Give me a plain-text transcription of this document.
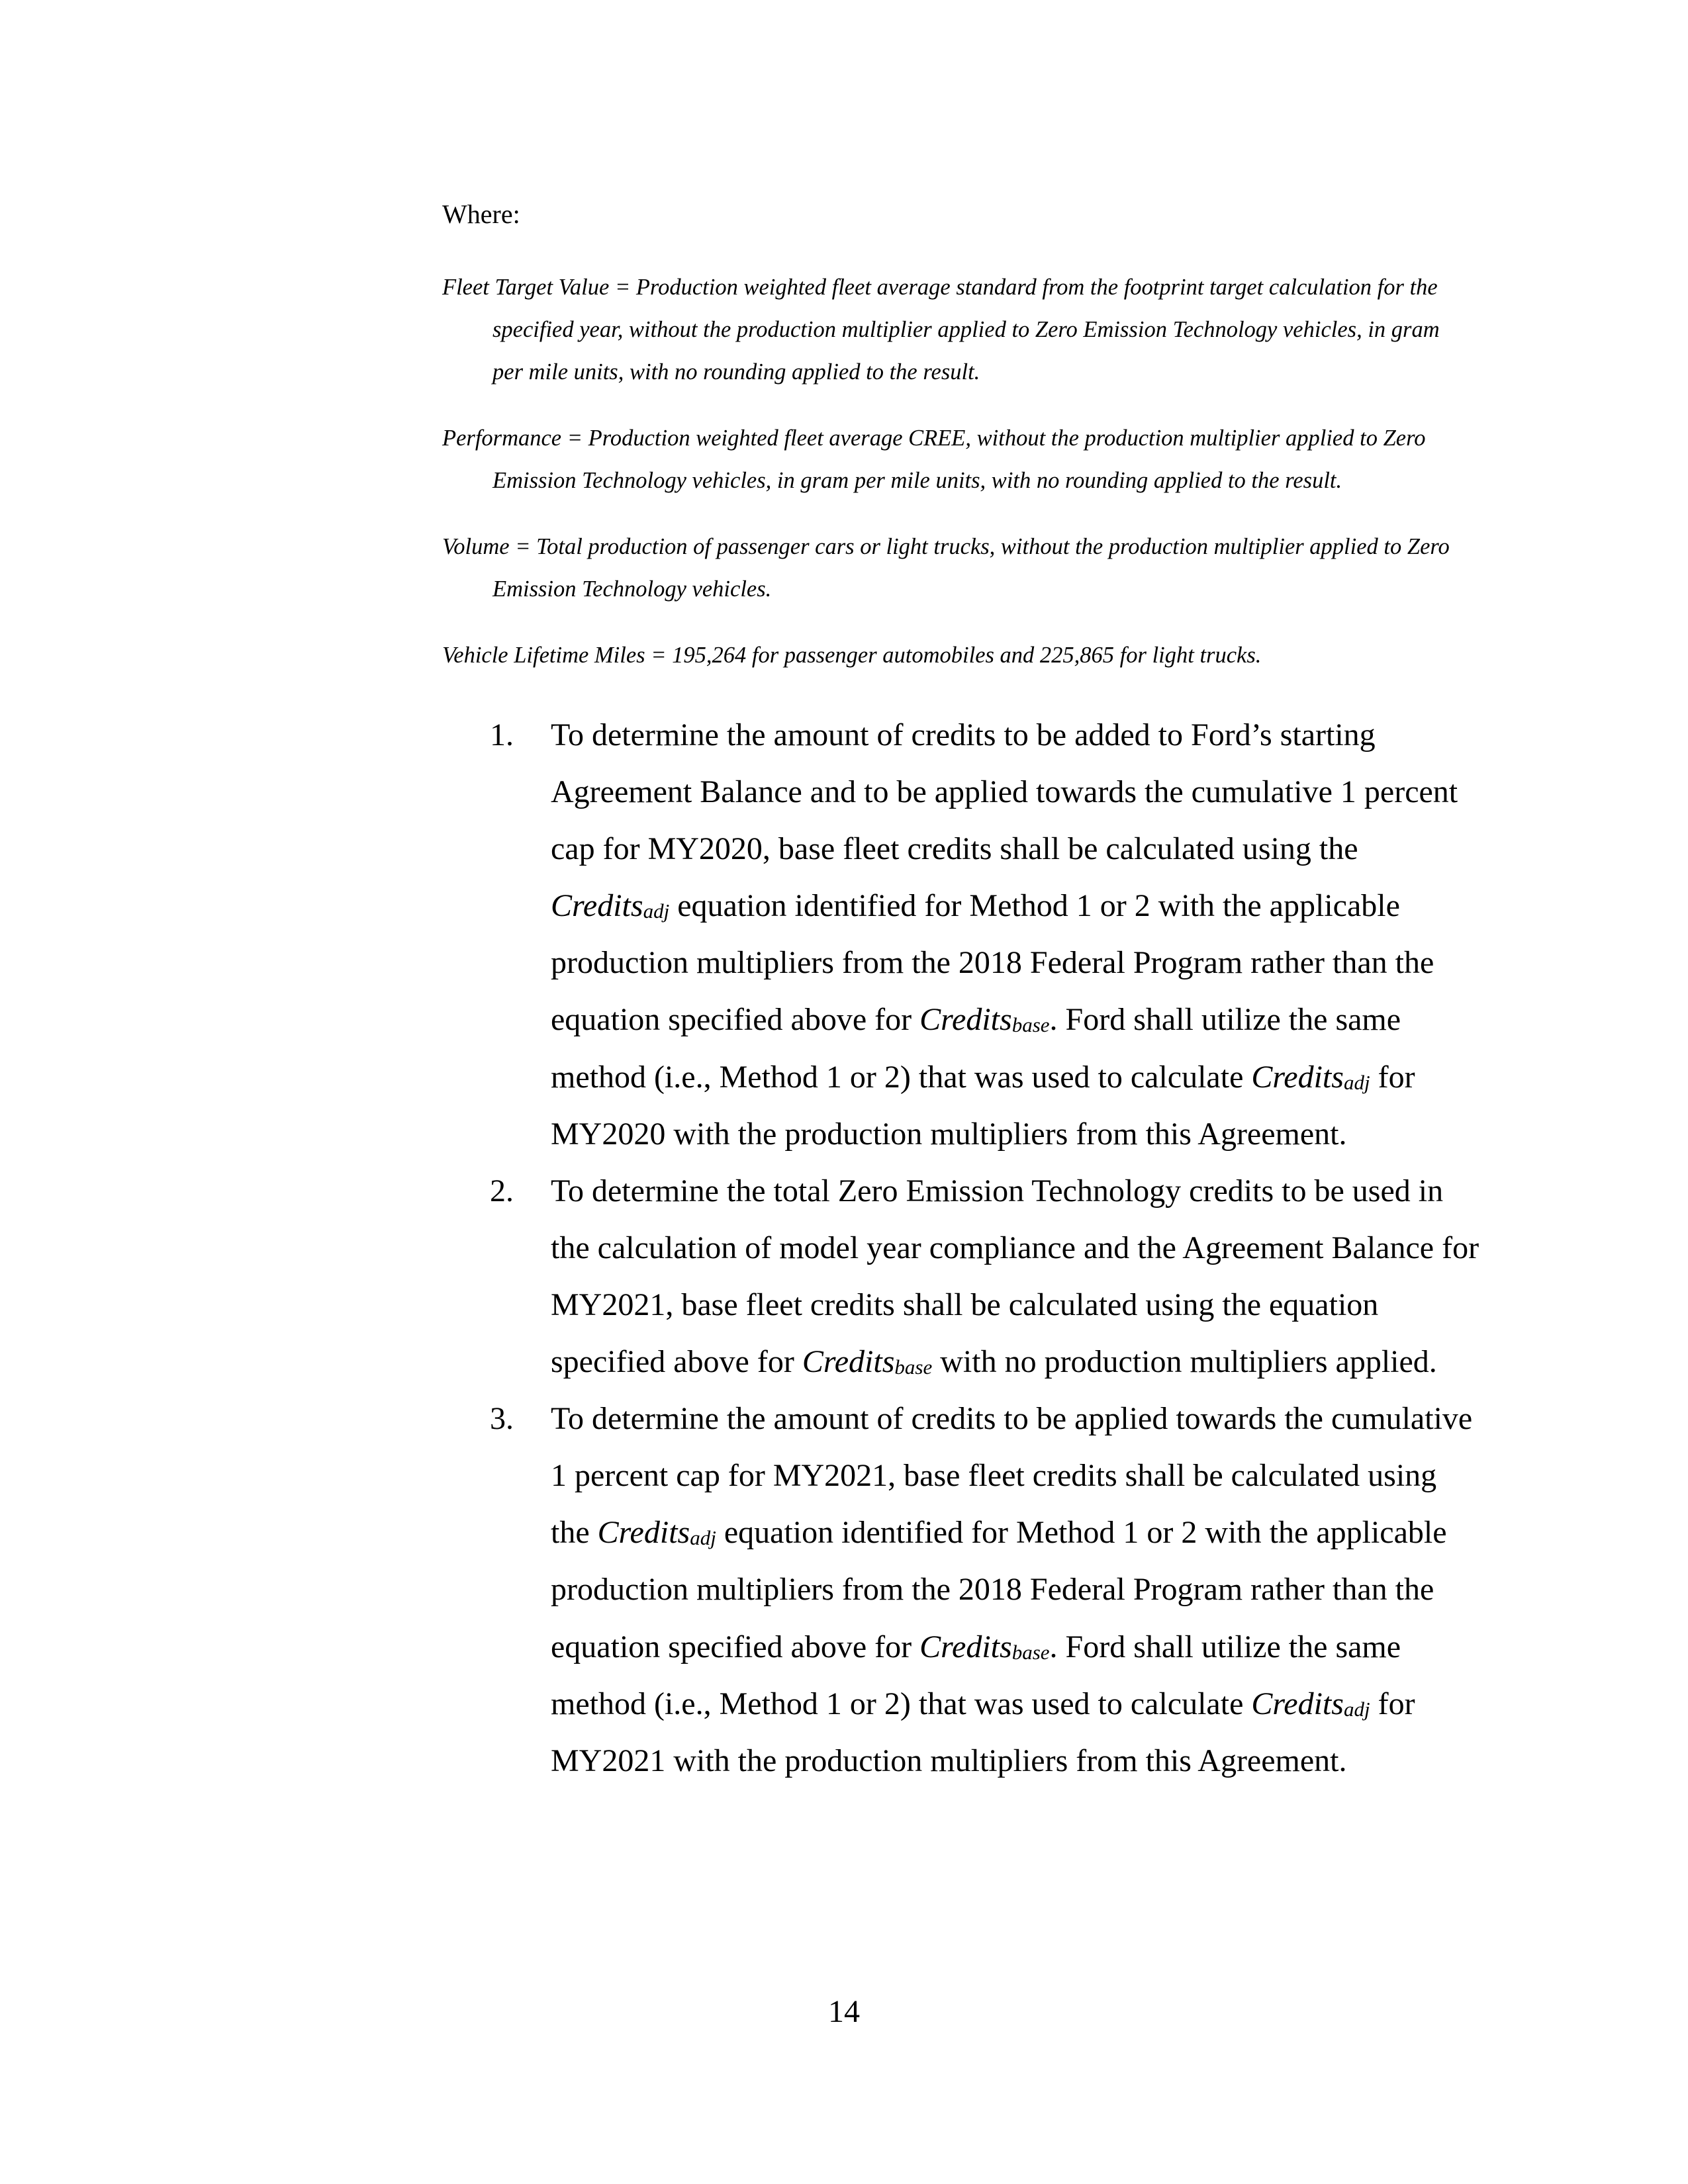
Where:

Fleet Target Value = Production weighted fleet average standard from the footprint target calculation for the specified year, without the production multiplier applied to Zero Emission Technology vehicles, in gram per mile units, with no rounding applied to the result.

Performance = Production weighted fleet average CREE, without the production multiplier applied to Zero Emission Technology vehicles, in gram per mile units, with no rounding applied to the result.

Volume = Total production of passenger cars or light trucks, without the production multiplier applied to Zero Emission Technology vehicles.

Vehicle Lifetime Miles = 195,264 for passenger automobiles and 225,865 for light trucks.

1. To determine the amount of credits to be added to Ford’s starting Agreement Balance and to be applied towards the cumulative 1 percent cap for MY2020, base fleet credits shall be calculated using the Credits$_{adj}$ equation identified for Method 1 or 2 with the applicable production multipliers from the 2018 Federal Program rather than the equation specified above for Credits$_{base}$. Ford shall utilize the same method (i.e., Method 1 or 2) that was used to calculate Credits$_{adj}$ for MY2020 with the production multipliers from this Agreement.
2. To determine the total Zero Emission Technology credits to be used in the calculation of model year compliance and the Agreement Balance for MY2021, base fleet credits shall be calculated using the equation specified above for Credits$_{base}$ with no production multipliers applied.
3. To determine the amount of credits to be applied towards the cumulative 1 percent cap for MY2021, base fleet credits shall be calculated using the Credits$_{adj}$ equation identified for Method 1 or 2 with the applicable production multipliers from the 2018 Federal Program rather than the equation specified above for Credits$_{base}$. Ford shall utilize the same method (i.e., Method 1 or 2) that was used to calculate Credits$_{adj}$ for MY2021 with the production multipliers from this Agreement.
14
